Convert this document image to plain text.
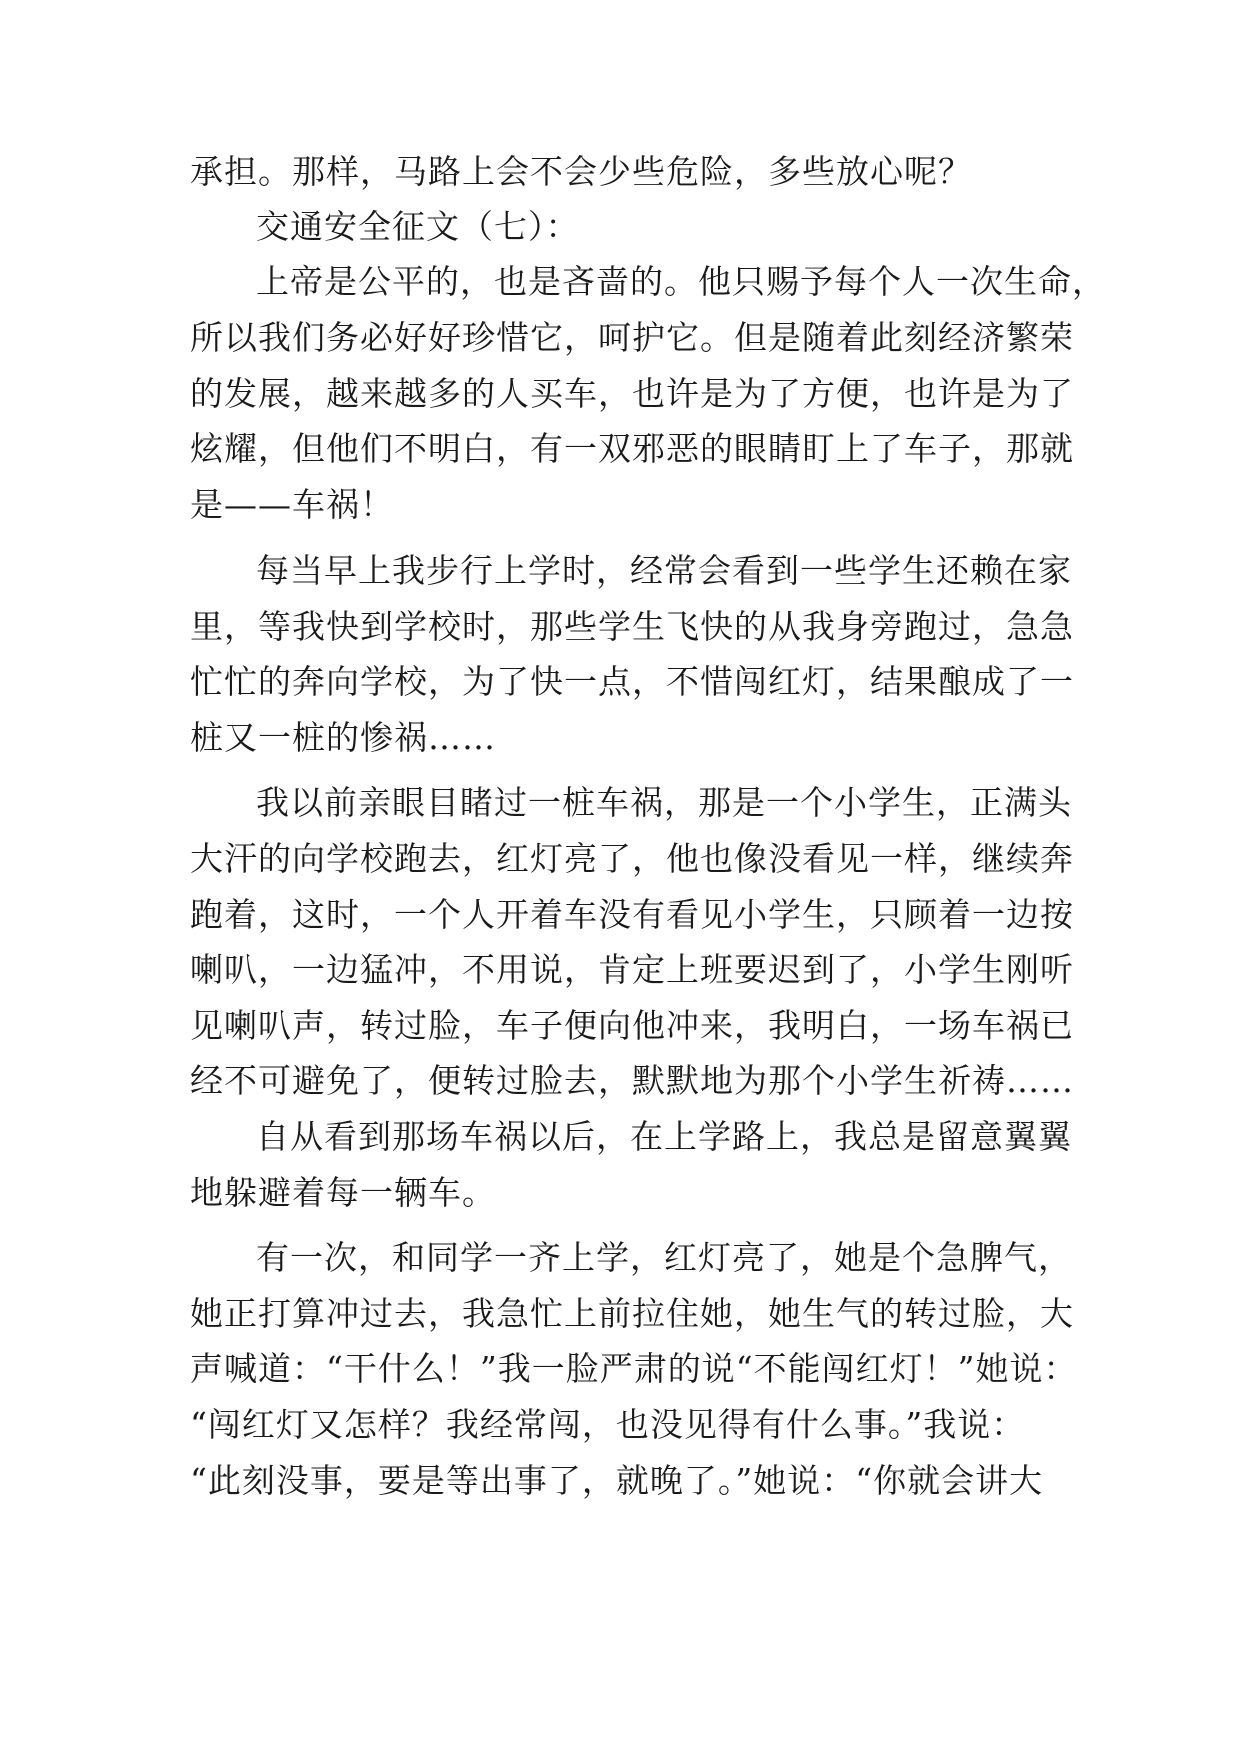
承担。那样，马路上会不会少些危险，多些放心呢？

交通安全征文（七）：

上帝是公平的，也是吝啬的。他只赐予每个人一次生命，

所以我们务必好好珍惜它，呵护它。但是随着此刻经济繁荣

的发展，越来越多的人买车，也许是为了方便，也许是为了

炫耀，但他们不明白，有一双邪恶的眼睛盯上了车子，那就

是——车祸！

每当早上我步行上学时，经常会看到一些学生还赖在家

里，等我快到学校时，那些学生飞快的从我身旁跑过，急急

忙忙的奔向学校，为了快一点，不惜闯红灯，结果酿成了一

桩又一桩的惨祸……

我以前亲眼目睹过一桩车祸，那是一个小学生，正满头

大汗的向学校跑去，红灯亮了，他也像没看见一样，继续奔

跑着，这时，一个人开着车没有看见小学生，只顾着一边按

喇叭，一边猛冲，不用说，肯定上班要迟到了，小学生刚听

见喇叭声，转过脸，车子便向他冲来，我明白，一场车祸已

经不可避免了，便转过脸去，默默地为那个小学生祈祷……

自从看到那场车祸以后，在上学路上，我总是留意翼翼

地躲避着每一辆车。

有一次，和同学一齐上学，红灯亮了，她是个急脾气，

她正打算冲过去，我急忙上前拉住她，她生气的转过脸，大

声喊道：“干什么！”我一脸严肃的说“不能闯红灯！”她说：

“闯红灯又怎样？我经常闯，也没见得有什么事。”我说：

“此刻没事，要是等出事了，就晚了。”她说：“你就会讲大
